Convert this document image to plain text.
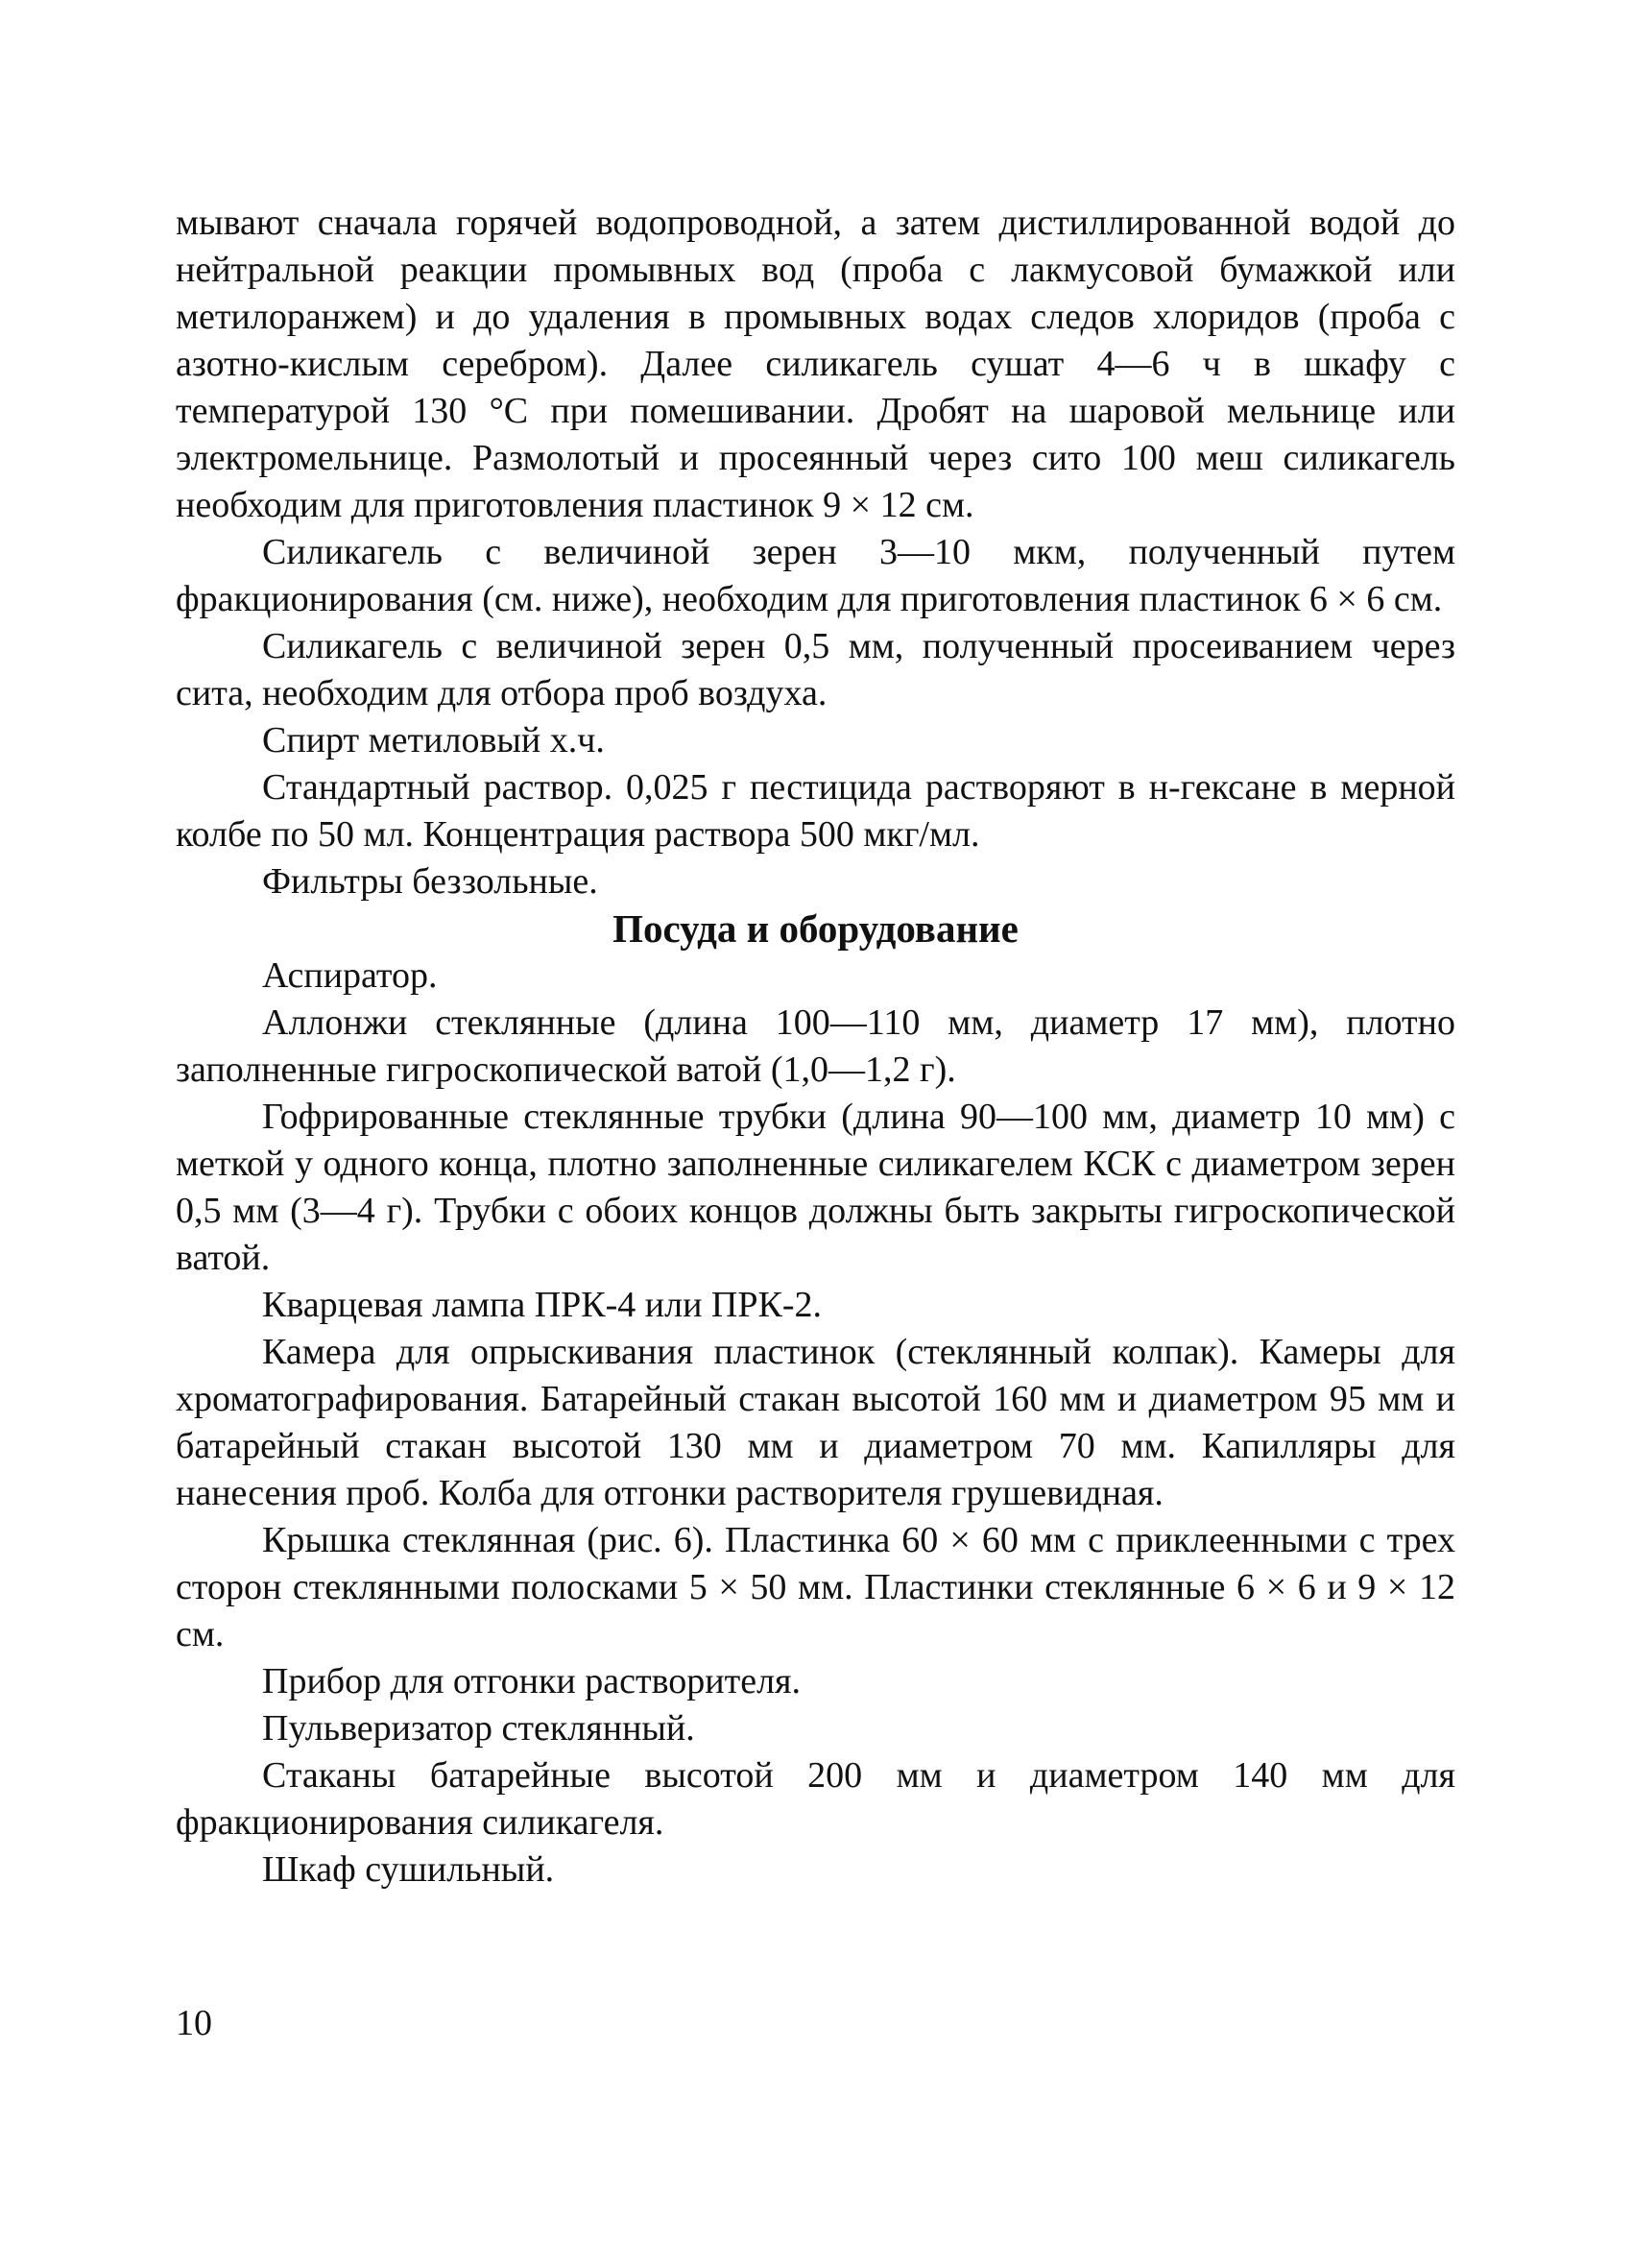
мывают сначала горячей водопроводной, а затем дистиллированной водой до нейтральной реакции промывных вод (проба с лакмусовой бумажкой или метилоранжем) и до удаления в промывных водах следов хлоридов (проба с азотно-кислым серебром). Далее силикагель сушат 4—6 ч в шкафу с температурой 130 °С при помешивании. Дробят на шаровой мельнице или электромельнице. Размолотый и просеянный через сито 100 меш силикагель необходим для приготовления пластинок 9 × 12 см.

Силикагель с величиной зерен 3—10 мкм, полученный путем фракционирования (см. ниже), необходим для приготовления пластинок 6 × 6 см.

Силикагель с величиной зерен 0,5 мм, полученный просеиванием через сита, необходим для отбора проб воздуха.

Спирт метиловый х.ч.

Стандартный раствор. 0,025 г пестицида растворяют в н-гексане в мерной колбе по 50 мл. Концентрация раствора 500 мкг/мл.

Фильтры беззольные.

Посуда и оборудование

Аспиратор.

Аллонжи стеклянные (длина 100—110 мм, диаметр 17 мм), плотно заполненные гигроскопической ватой (1,0—1,2 г).

Гофрированные стеклянные трубки (длина 90—100 мм, диаметр 10 мм) с меткой у одного конца, плотно заполненные силикагелем КСК с диаметром зерен 0,5 мм (3—4 г). Трубки с обоих концов должны быть закрыты гигроскопической ватой.

Кварцевая лампа ПРК-4 или ПРК-2.

Камера для опрыскивания пластинок (стеклянный колпак). Камеры для хроматографирования. Батарейный стакан высотой 160 мм и диаметром 95 мм и батарейный стакан высотой 130 мм и диаметром 70 мм. Капилляры для нанесения проб. Колба для отгонки растворителя грушевидная.

Крышка стеклянная (рис. 6). Пластинка 60 × 60 мм с приклеенными с трех сторон стеклянными полосками 5 × 50 мм. Пластинки стеклянные 6 × 6 и 9 × 12 см.

Прибор для отгонки растворителя.

Пульверизатор стеклянный.

Стаканы батарейные высотой 200 мм и диаметром 140 мм для фракционирования силикагеля.

Шкаф сушильный.

10
